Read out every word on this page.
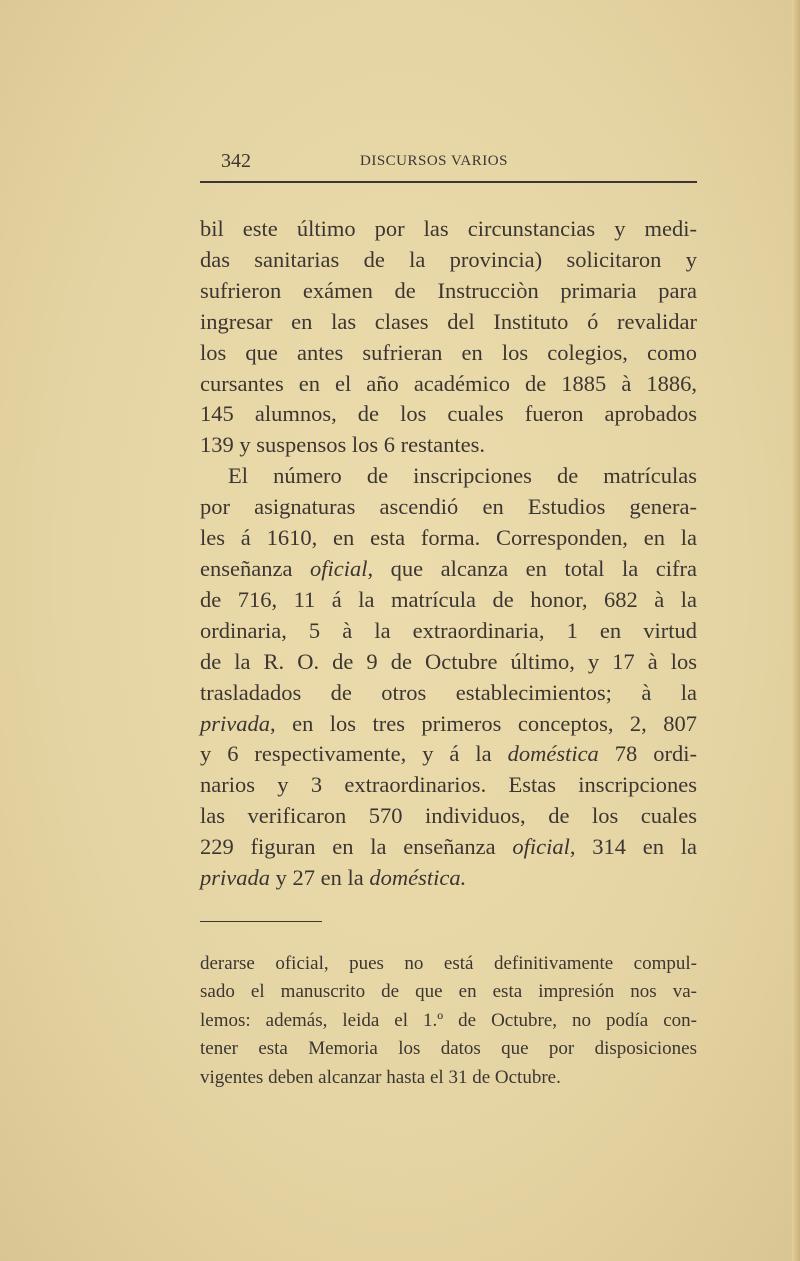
342	DISCURSOS VARIOS
bil este último por las circunstancias y medi-
das sanitarias de la provincia) solicitaron y
sufrieron exámen de Instrucciòn primaria para
ingresar en las clases del Instituto ó revalidar
los que antes sufrieran en los colegios, como
cursantes en el año académico de 1885 à 1886,
145 alumnos, de los cuales fueron aprobados
139 y suspensos los 6 restantes.
El número de inscripciones de matrículas
por asignaturas ascendió en Estudios genera-
les á 1610, en esta forma. Corresponden, en la
enseñanza oficial, que alcanza en total la cifra
de 716, 11 á la matrícula de honor, 682 à la
ordinaria, 5 à la extraordinaria, 1 en virtud
de la R. O. de 9 de Octubre último, y 17 à los
trasladados de otros establecimientos; à la
privada, en los tres primeros conceptos, 2, 807
y 6 respectivamente, y á la doméstica 78 ordi-
narios y 3 extraordinarios. Estas inscripciones
las verificaron 570 individuos, de los cuales
229 figuran en la enseñanza oficial, 314 en la
privada y 27 en la doméstica.
derarse oficial, pues no está definitivamente compul-
sado el manuscrito de que en esta impresión nos va-
lemos: además, leida el 1.º de Octubre, no podía con-
tener esta Memoria los datos que por disposiciones
vigentes deben alcanzar hasta el 31 de Octubre.
